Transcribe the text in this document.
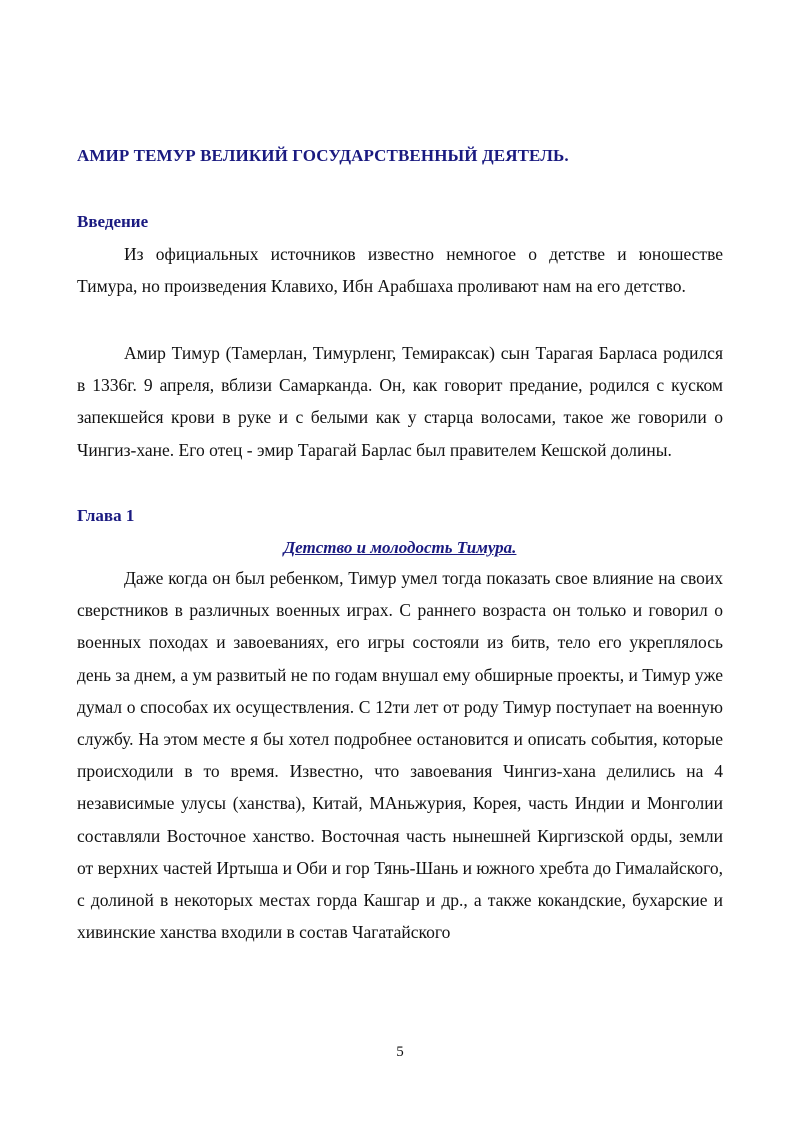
АМИР ТЕМУР ВЕЛИКИЙ ГОСУДАРСТВЕННЫЙ ДЕЯТЕЛЬ.
Введение

Из официальных источников известно немногое о детстве и юношестве Тимура, но произведения Клавихо, Ибн Арабшаха проливают нам на его детство.

Амир Тимур (Тамерлан, Тимурленг, Темираксак) сын Тарагая Барласа родился в 1336г. 9 апреля, вблизи Самарканда. Он, как говорит предание, родился с куском запекшейся крови в руке и с белыми как у старца волосами, такое же говорили о Чингиз-хане. Его отец - эмир Тарагай Барлас был правителем Кешской долины.

Глава 1
Детство и молодость Тимура.

Даже когда он был ребенком, Тимур умел тогда показать свое влияние на своих сверстников в различных военных играх. С раннего возраста он только и говорил о военных походах и завоеваниях, его игры состояли из битв, тело его укреплялось день за днем, а ум развитый не по годам внушал ему обширные проекты, и Тимур уже думал о способах их осуществления. С 12ти лет от роду Тимур поступает на военную службу. На этом месте я бы хотел подробнее остановится и описать события, которые происходили в то время. Известно, что завоевания Чингиз-хана делились на 4 независимые улусы (ханства), Китай, МАньжурия, Корея, часть Индии и Монголии составляли Восточное ханство. Восточная часть нынешней Киргизской орды, земли от верхних частей Иртыша и Оби и гор Тянь-Шань и южного хребта до Гималайского, с долиной в некоторых местах горда Кашгар и др., а также кокандские, бухарские и хивинские ханства входили в состав Чагатайского

5
